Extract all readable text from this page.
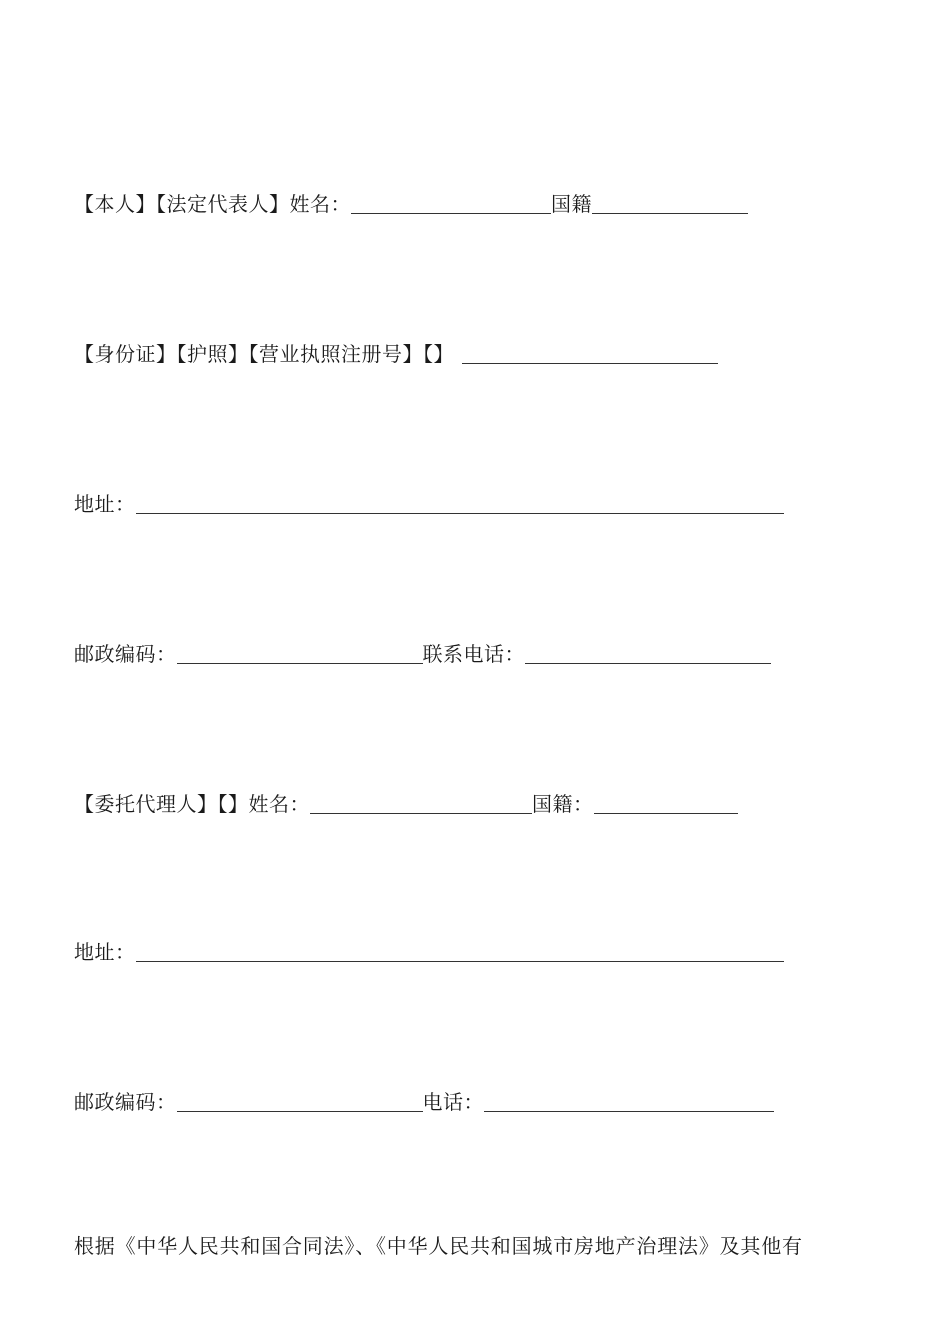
【本人】【法定代表人】姓名：	国籍
【身份证】【护照】【营业执照注册号】【】
地址：
邮政编码：	联系电话：
【委托代理人】【】姓名：	国籍：
地址：
邮政编码：	电话：
根据《中华人民共和国合同法》、《中华人民共和国城市房地产治理法》及其他有
